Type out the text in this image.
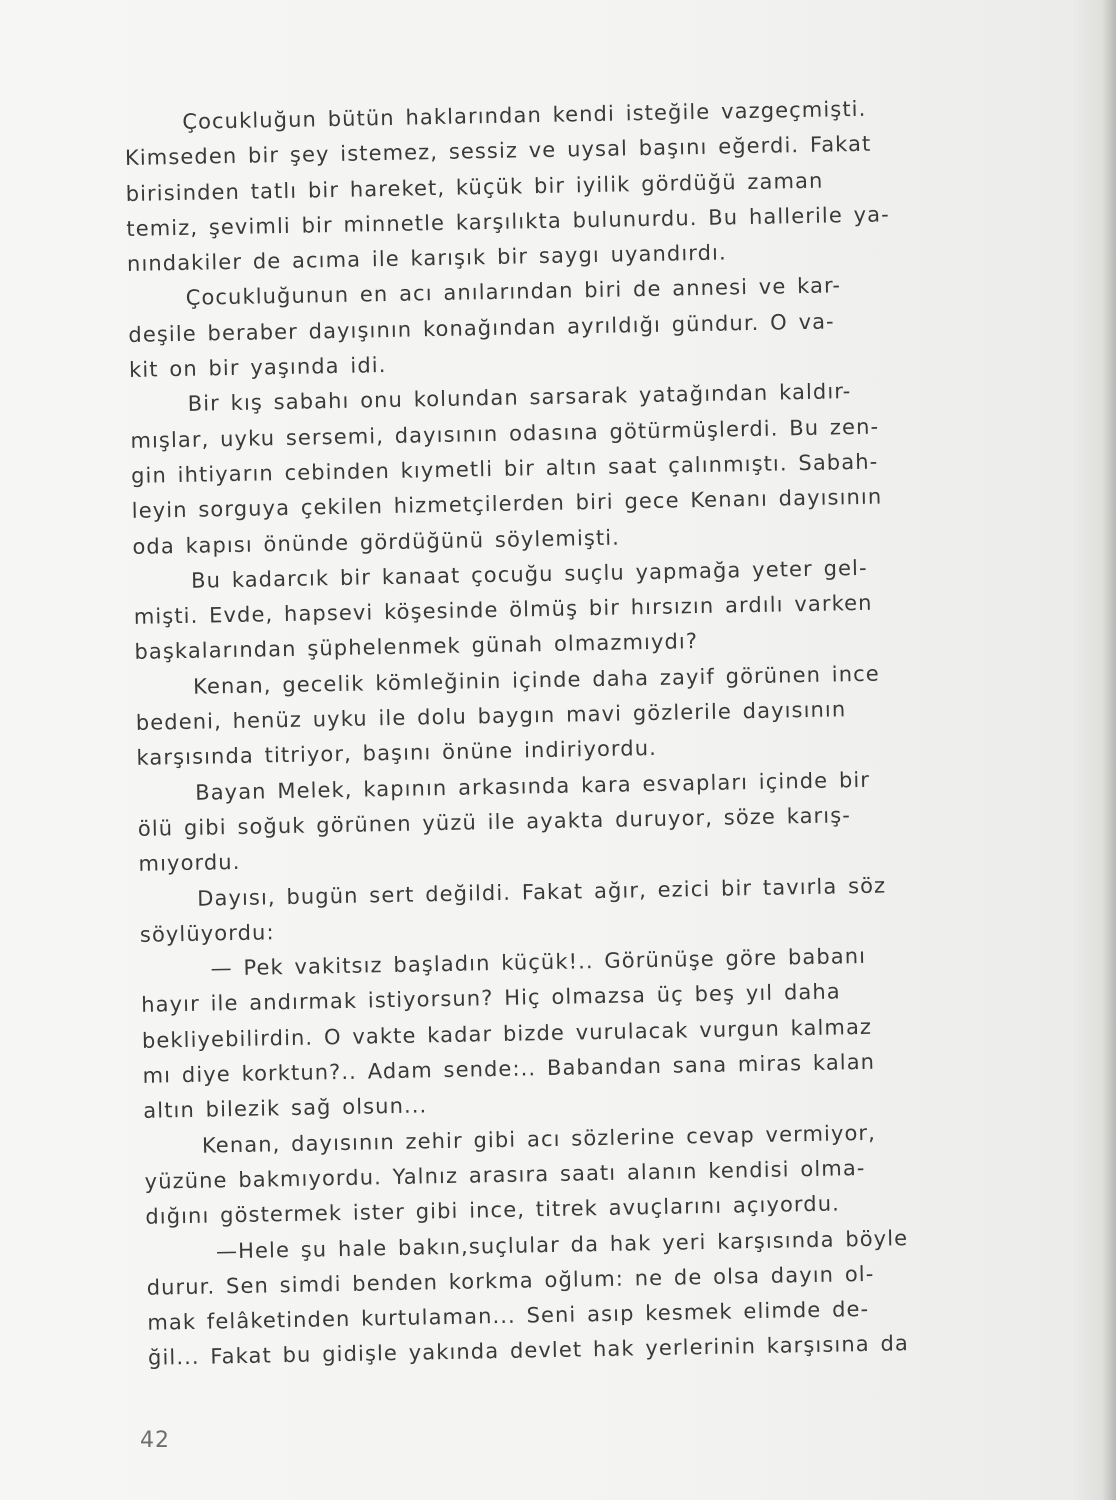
Çocukluğun bütün haklarından kendi isteğile vazgeçmişti.
Kimseden bir şey istemez, sessiz ve uysal başını eğerdi. Fakat
birisinden tatlı bir hareket, küçük bir iyilik gördüğü zaman
temiz, şevimli bir minnetle karşılıkta bulunurdu. Bu hallerile ya-
nındakiler de acıma ile karışık bir saygı uyandırdı.
Çocukluğunun en acı anılarından biri de annesi ve kar-
deşile beraber dayışının konağından ayrıldığı gündur. O va-
kit on bir yaşında idi.
Bir kış sabahı onu kolundan sarsarak yatağından kaldır-
mışlar, uyku sersemi, dayısının odasına götürmüşlerdi. Bu zen-
gin ihtiyarın cebinden kıymetli bir altın saat çalınmıştı. Sabah-
leyin sorguya çekilen hizmetçilerden biri gece Kenanı dayısının
oda kapısı önünde gördüğünü söylemişti.
Bu kadarcık bir kanaat çocuğu suçlu yapmağa yeter gel-
mişti. Evde, hapsevi köşesinde ölmüş bir hırsızın ardılı varken
başkalarından şüphelenmek günah olmazmıydı?
Kenan, gecelik kömleğinin içinde daha zayif görünen ince
bedeni, henüz uyku ile dolu baygın mavi gözlerile dayısının
karşısında titriyor, başını önüne indiriyordu.
Bayan Melek, kapının arkasında kara esvapları içinde bir
ölü gibi soğuk görünen yüzü ile ayakta duruyor, söze karış-
mıyordu.
Dayısı, bugün sert değildi. Fakat ağır, ezici bir tavırla söz
söylüyordu:
— Pek vakitsız başladın küçük!.. Görünüşe göre babanı
hayır ile andırmak istiyorsun? Hiç olmazsa üç beş yıl daha
bekliyebilirdin. O vakte kadar bizde vurulacak vurgun kalmaz
mı diye korktun?.. Adam sende:.. Babandan sana miras kalan
altın bilezik sağ olsun...
Kenan, dayısının zehir gibi acı sözlerine cevap vermiyor,
yüzüne bakmıyordu. Yalnız arasıra saatı alanın kendisi olma-
dığını göstermek ister gibi ince, titrek avuçlarını açıyordu.
—Hele şu hale bakın,suçlular da hak yeri karşısında böyle
durur. Sen simdi benden korkma oğlum: ne de olsa dayın ol-
mak felâketinden kurtulaman... Seni asıp kesmek elimde de-
ğil... Fakat bu gidişle yakında devlet hak yerlerinin karşısına da
42
